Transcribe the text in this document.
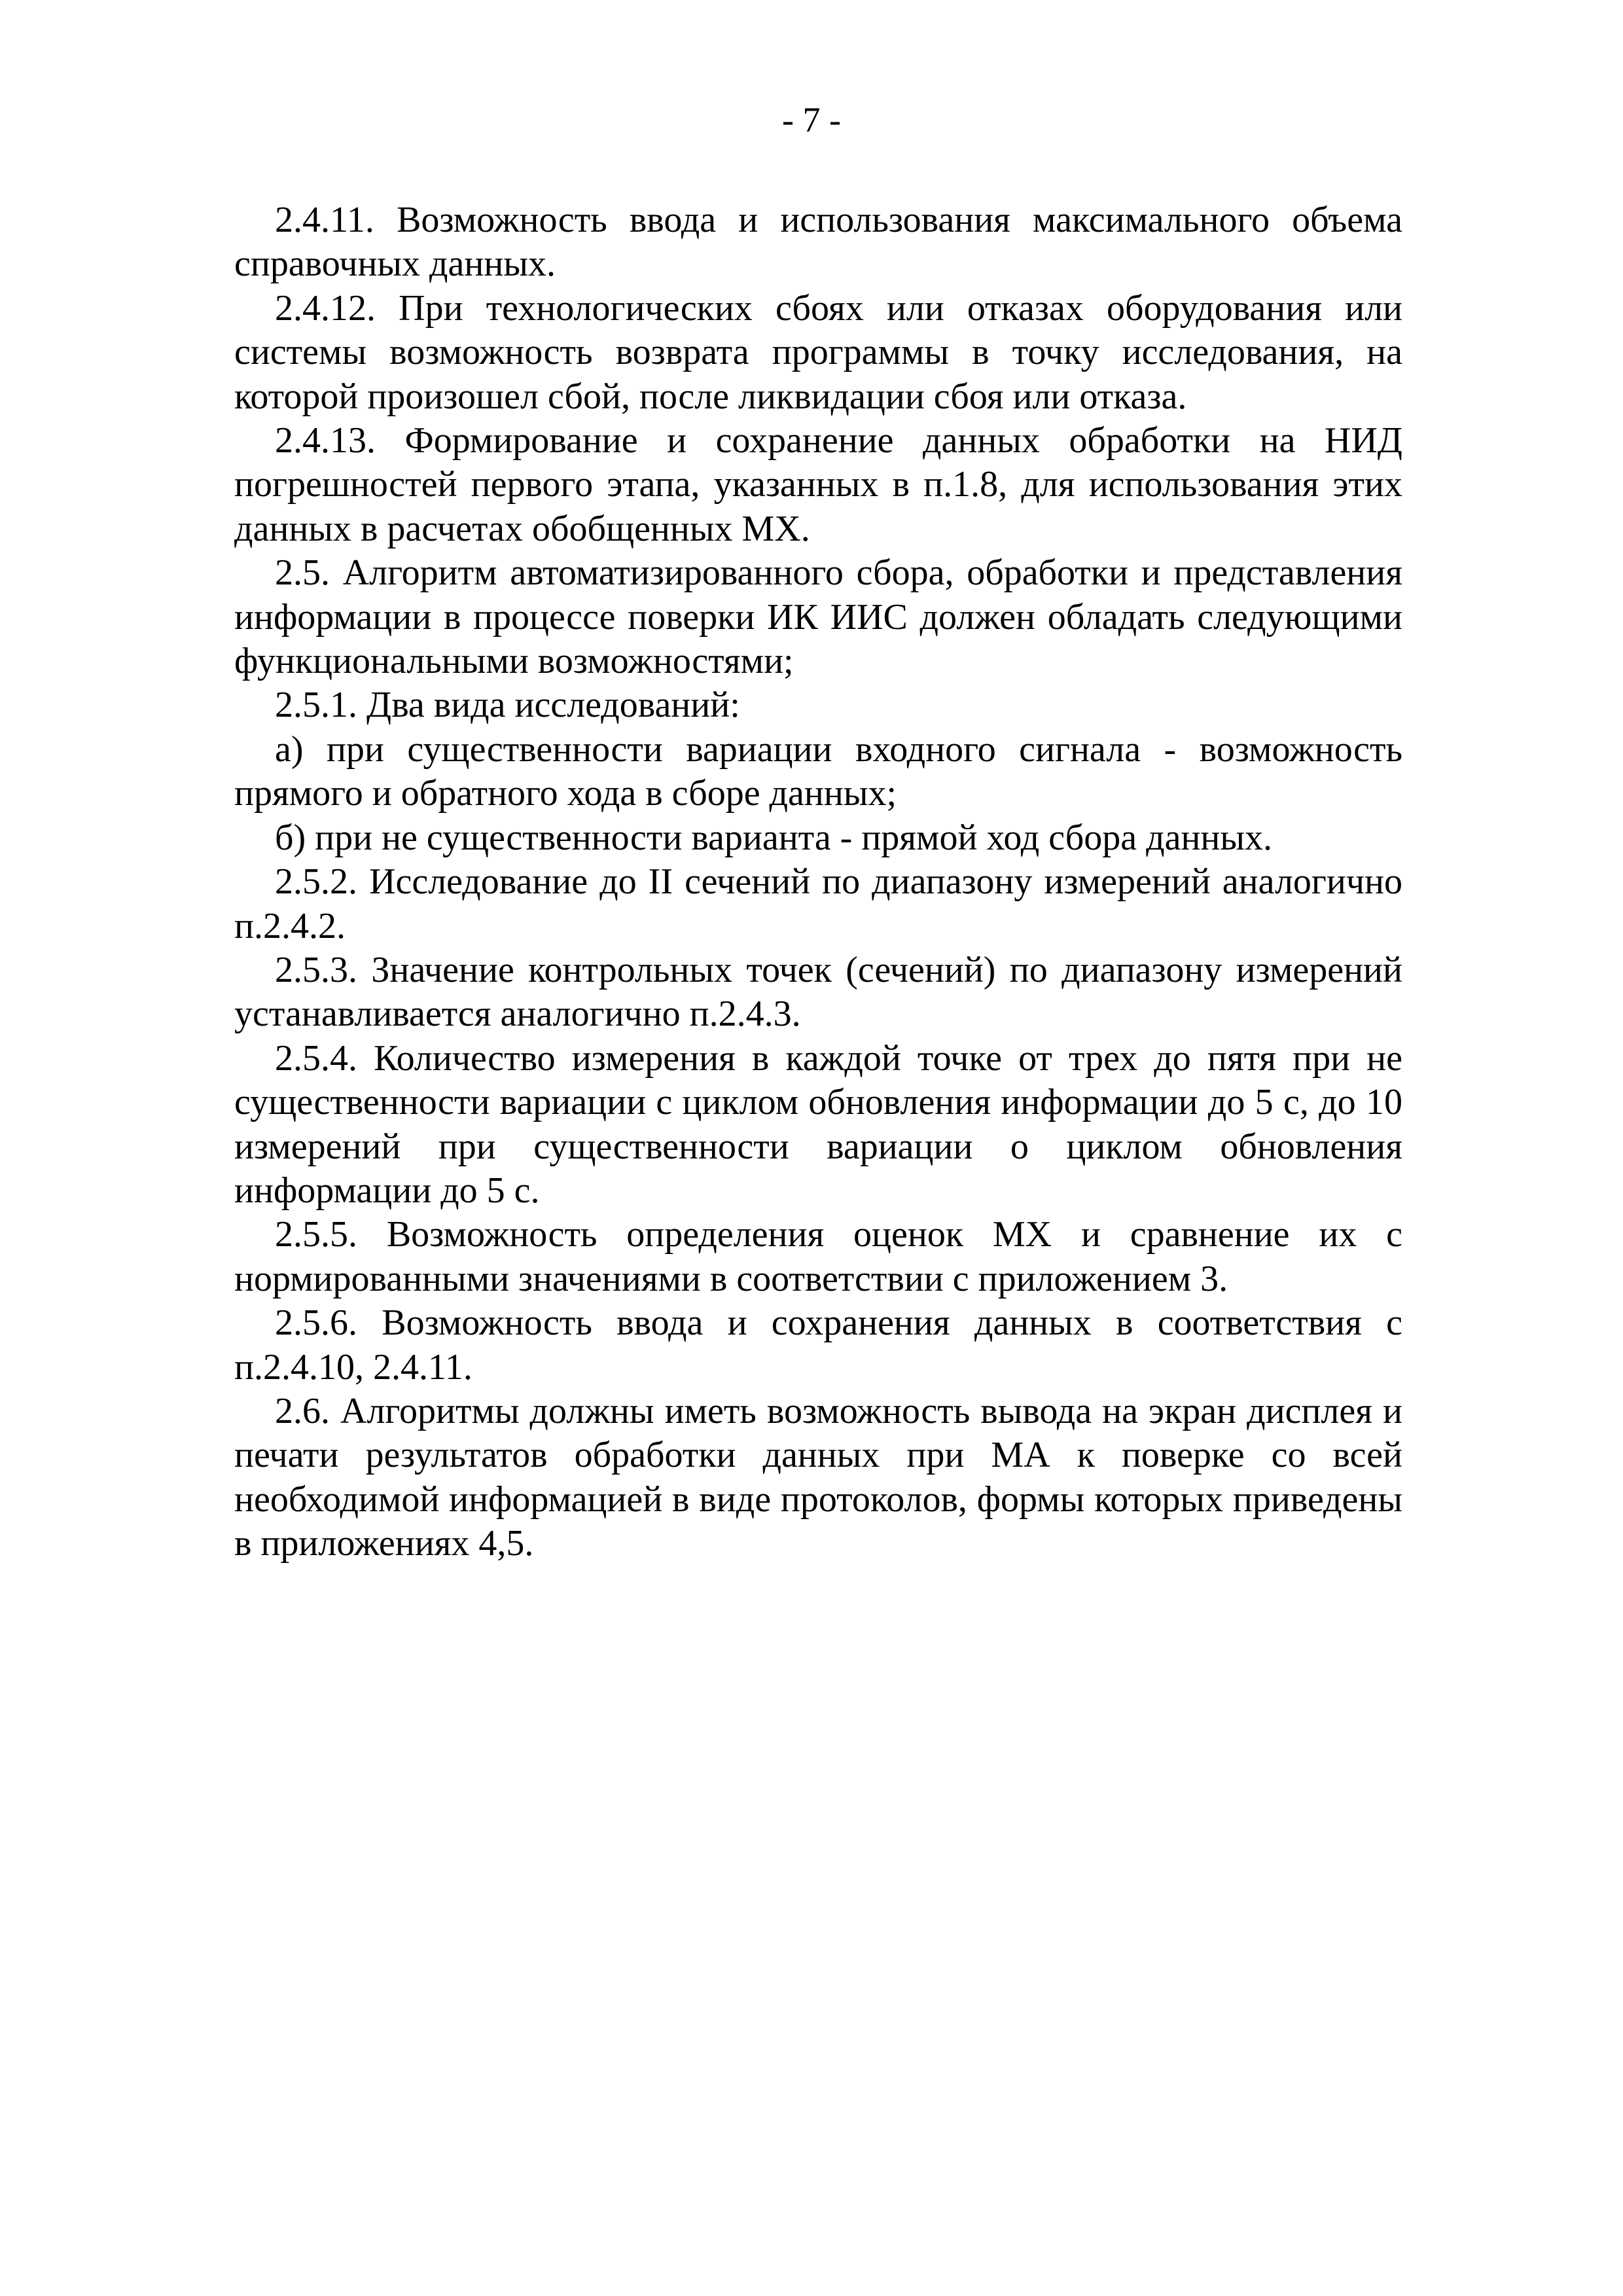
- 7 -

2.4.11. Возможность ввода и использования максимального объема справочных данных.

2.4.12. При технологических сбоях или отказах оборудования или системы возможность возврата программы в точку исследования, на которой произошел сбой, после ликвидации сбоя или отказа.

2.4.13. Формирование и сохранение данных обработки на НИД погрешностей первого этапа, указанных в п.1.8, для использования этих данных в расчетах обобщенных МХ.

2.5. Алгоритм автоматизированного сбора, обработки и представления информации в процессе поверки ИК ИИС должен обладать следующими функциональными возможностями;

2.5.1. Два вида исследований:

а) при существенности вариации входного сигнала - возможность прямого и обратного хода в сборе данных;

б) при не существенности варианта - прямой ход сбора данных.

2.5.2. Исследование до II сечений по диапазону измерений аналогично п.2.4.2.

2.5.3. Значение контрольных точек (сечений) по диапазону измерений устанавливается аналогично п.2.4.3.

2.5.4. Количество измерения в каждой точке от трех до пятя при не существенности вариации с циклом обновления информации до 5 с, до 10 измерений при существенности вариации о циклом обновления информации до 5 с.

2.5.5. Возможность определения оценок МХ и сравнение их с нормированными значениями в соответствии с приложением 3.

2.5.6. Возможность ввода и сохранения данных в соответствия с п.2.4.10, 2.4.11.

2.6. Алгоритмы должны иметь возможность вывода на экран дисплея и печати результатов обработки данных при МА к поверке со всей необходимой информацией в виде протоколов, формы которых приведены в приложениях 4,5.
